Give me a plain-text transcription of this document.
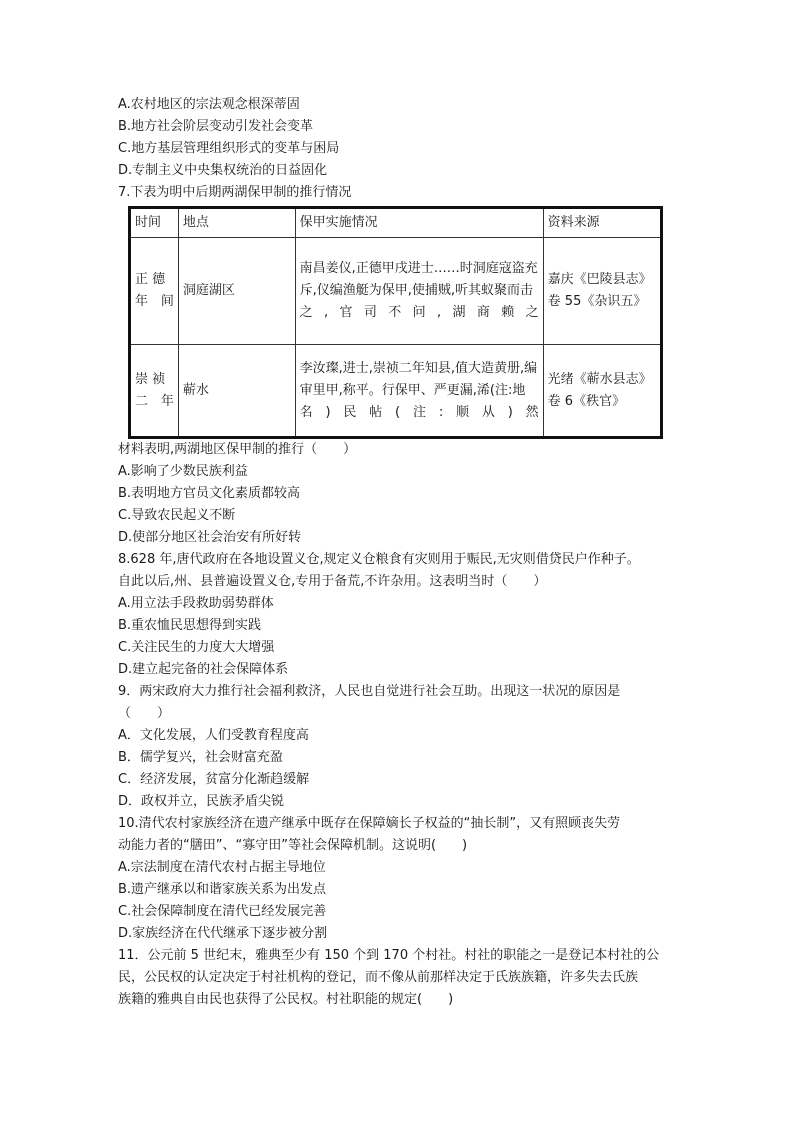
A.农村地区的宗法观念根深蒂固
B.地方社会阶层变动引发社会变革
C.地方基层管理组织形式的变革与困局
D.专制主义中央集权统治的日益固化
7.下表为明中后期两湖保甲制的推行情况
时间	地点	保甲实施情况	资料来源
正 德 年间	洞庭湖区	南昌姜仪,正德甲戌进士……时洞庭寇盗充斥,仪编渔艇为保甲,使捕贼,听其蚁聚而击之,官司不问,湖商赖之	嘉庆《巴陵县志》卷 55《杂识五》
崇 祯 二年	蕲水	李汝璨,进士,崇祯二年知县,值大造黄册,编审里甲,称平。行保甲、严更漏,浠(注:地名)民帖(注:顺从)然	光绪《蕲水县志》卷 6《秩官》
材料表明,两湖地区保甲制的推行（　　）
A.影响了少数民族利益
B.表明地方官员文化素质都较高
C.导致农民起义不断
D.使部分地区社会治安有所好转
8.628 年,唐代政府在各地设置义仓,规定义仓粮食有灾则用于赈民,无灾则借贷民户作种子。
自此以后,州、县普遍设置义仓,专用于备荒,不许杂用。这表明当时（　　）
A.用立法手段救助弱势群体
B.重农恤民思想得到实践
C.关注民生的力度大大增强
D.建立起完备的社会保障体系
9．两宋政府大力推行社会福利救济，人民也自觉进行社会互助。出现这一状况的原因是
（　　）
A．文化发展，人们受教育程度高
B．儒学复兴，社会财富充盈
C．经济发展，贫富分化渐趋缓解
D．政权并立，民族矛盾尖锐
10.清代农村家族经济在遗产继承中既存在保障嫡长子权益的“抽长制”，又有照顾丧失劳
动能力者的“膳田”、“寡守田”等社会保障机制。这说明(　　)
A.宗法制度在清代农村占据主导地位
B.遗产继承以和谐家族关系为出发点
C.社会保障制度在清代已经发展完善
D.家族经济在代代继承下逐步被分割
11．公元前 5 世纪末，雅典至少有 150 个到 170 个村社。村社的职能之一是登记本村社的公
民，公民权的认定决定于村社机构的登记，而不像从前那样决定于氏族族籍，许多失去氏族
族籍的雅典自由民也获得了公民权。村社职能的规定(　　)
